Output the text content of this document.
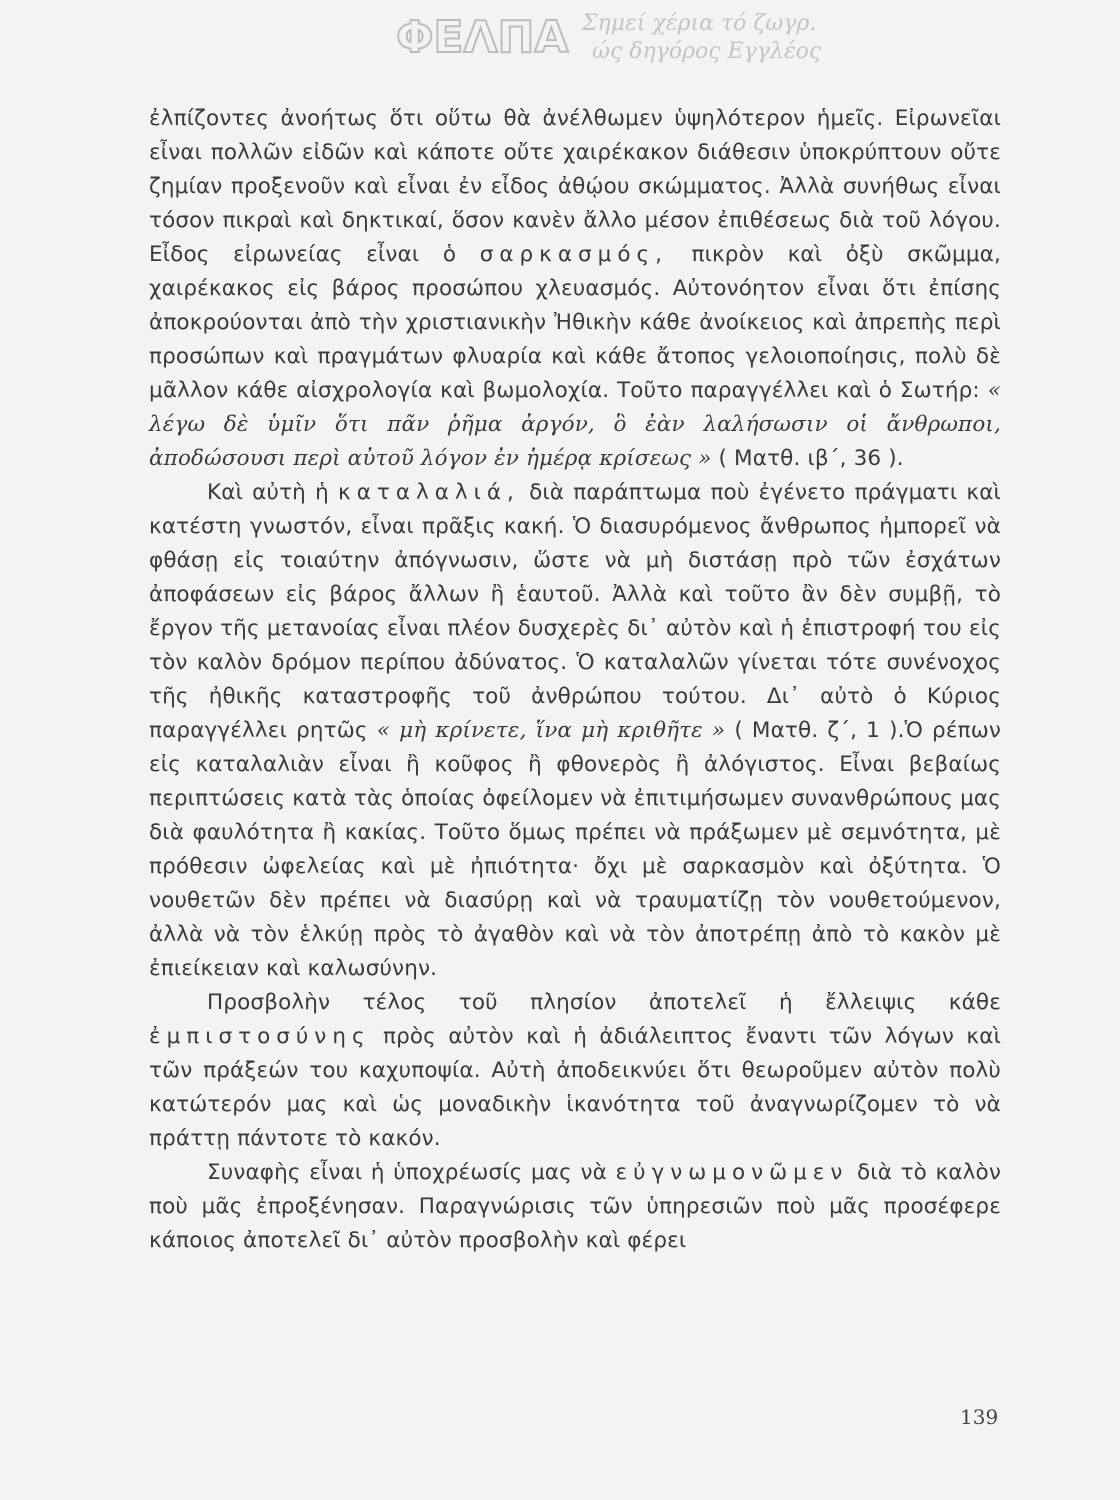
ΦΕΛΠΑ Σημεί χέρια τό ζωγρ.
ώς δηγόρος Εγγλέος

ἐλπίζοντες ἀνοήτως ὅτι οὕτω θὰ ἀνέλθωμεν ὑψηλότερον ἡμεῖς. Εἰρωνεῖαι εἶναι πολλῶν εἰδῶν καὶ κάποτε οὔτε χαιρέκακον διάθεσιν ὑποκρύπτουν οὔτε ζημίαν προξενοῦν καὶ εἶναι ἐν εἶδος ἀθῴου σκώμματος. Ἀλλὰ συνήθως εἶναι τόσον πικραὶ καὶ δηκτικαί, ὅσον κανὲν ἄλλο μέσον ἐπιθέσεως διὰ τοῦ λόγου. Εἶδος εἰρωνείας εἶναι ὁ σαρκασμός, πικρὸν καὶ ὀξὺ σκῶμμα, χαιρέκακος εἰς βάρος προσώπου χλευασμός. Αὐτονόητον εἶναι ὅτι ἐπίσης ἀποκρούονται ἀπὸ τὴν χριστιανικὴν Ἠθικὴν κάθε ἀνοίκειος καὶ ἀπρεπὴς περὶ προσώπων καὶ πραγμάτων φλυαρία καὶ κάθε ἄτοπος γελοιοποίησις, πολὺ δὲ μᾶλλον κάθε αἰσχρολογία καὶ βωμολοχία. Τοῦτο παραγγέλλει καὶ ὁ Σωτήρ: « λέγω δὲ ὑμῖν ὅτι πᾶν ῥῆμα ἀργόν, ὃ ἐὰν λαλήσωσιν οἱ ἄνθρωποι, ἀποδώσουσι περὶ αὐτοῦ λόγον ἐν ἡμέρᾳ κρίσεως » ( Ματθ. ιβ΄, 36 ).

Καὶ αὐτὴ ἡ καταλαλιά, διὰ παράπτωμα ποὺ ἐγένετο πράγματι καὶ κατέστη γνωστόν, εἶναι πρᾶξις κακή. Ὁ διασυρόμενος ἄνθρωπος ἠμπορεῖ νὰ φθάσῃ εἰς τοιαύτην ἀπόγνωσιν, ὥστε νὰ μὴ διστάσῃ πρὸ τῶν ἐσχάτων ἀποφάσεων εἰς βάρος ἄλλων ἢ ἑαυτοῦ. Ἀλλὰ καὶ τοῦτο ἂν δὲν συμβῇ, τὸ ἔργον τῆς μετανοίας εἶναι πλέον δυσχερὲς δι᾿ αὐτὸν καὶ ἡ ἐπιστροφή του εἰς τὸν καλὸν δρόμον περίπου ἀδύνατος. Ὁ καταλαλῶν γίνεται τότε συνένοχος τῆς ἠθικῆς καταστροφῆς τοῦ ἀνθρώπου τούτου. Δι᾿ αὐτὸ ὁ Κύριος παραγγέλλει ρητῶς « μὴ κρίνετε, ἵνα μὴ κριθῆτε » ( Ματθ. ζ΄, 1 ).Ὁ ρέπων εἰς καταλαλιὰν εἶναι ἢ κοῦφος ἢ φθονερὸς ἢ ἀλόγιστος. Εἶναι βεβαίως περιπτώσεις κατὰ τὰς ὁποίας ὀφείλομεν νὰ ἐπιτιμήσωμεν συνανθρώπους μας διὰ φαυλότητα ἢ κακίας. Τοῦτο ὅμως πρέπει νὰ πράξωμεν μὲ σεμνότητα, μὲ πρόθεσιν ὠφελείας καὶ μὲ ἠπιότητα· ὄχι μὲ σαρκασμὸν καὶ ὀξύτητα. Ὁ νουθετῶν δὲν πρέπει νὰ διασύρῃ καὶ νὰ τραυματίζῃ τὸν νουθετούμενον, ἀλλὰ νὰ τὸν ἑλκύῃ πρὸς τὸ ἀγαθὸν καὶ νὰ τὸν ἀποτρέπῃ ἀπὸ τὸ κακὸν μὲ ἐπιείκειαν καὶ καλωσύνην.

Προσβολὴν τέλος τοῦ πλησίον ἀποτελεῖ ἡ ἔλλειψις κάθε ἐμπιστοσύνης πρὸς αὐτὸν καὶ ἡ ἀδιάλειπτος ἔναντι τῶν λόγων καὶ τῶν πράξεών του καχυποψία. Αὐτὴ ἀποδεικνύει ὅτι θεωροῦμεν αὐτὸν πολὺ κατώτερόν μας καὶ ὡς μοναδικὴν ἱκανότητα τοῦ ἀναγνωρίζομεν τὸ νὰ πράττῃ πάντοτε τὸ κακόν.

Συναφὴς εἶναι ἡ ὑποχρέωσίς μας νὰ εὐγνωμονῶμεν διὰ τὸ καλὸν ποὺ μᾶς ἐπροξένησαν. Παραγνώρισις τῶν ὑπηρεσιῶν ποὺ μᾶς προσέφερε κάποιος ἀποτελεῖ δι᾿ αὐτὸν προσβολὴν καὶ φέρει

139
